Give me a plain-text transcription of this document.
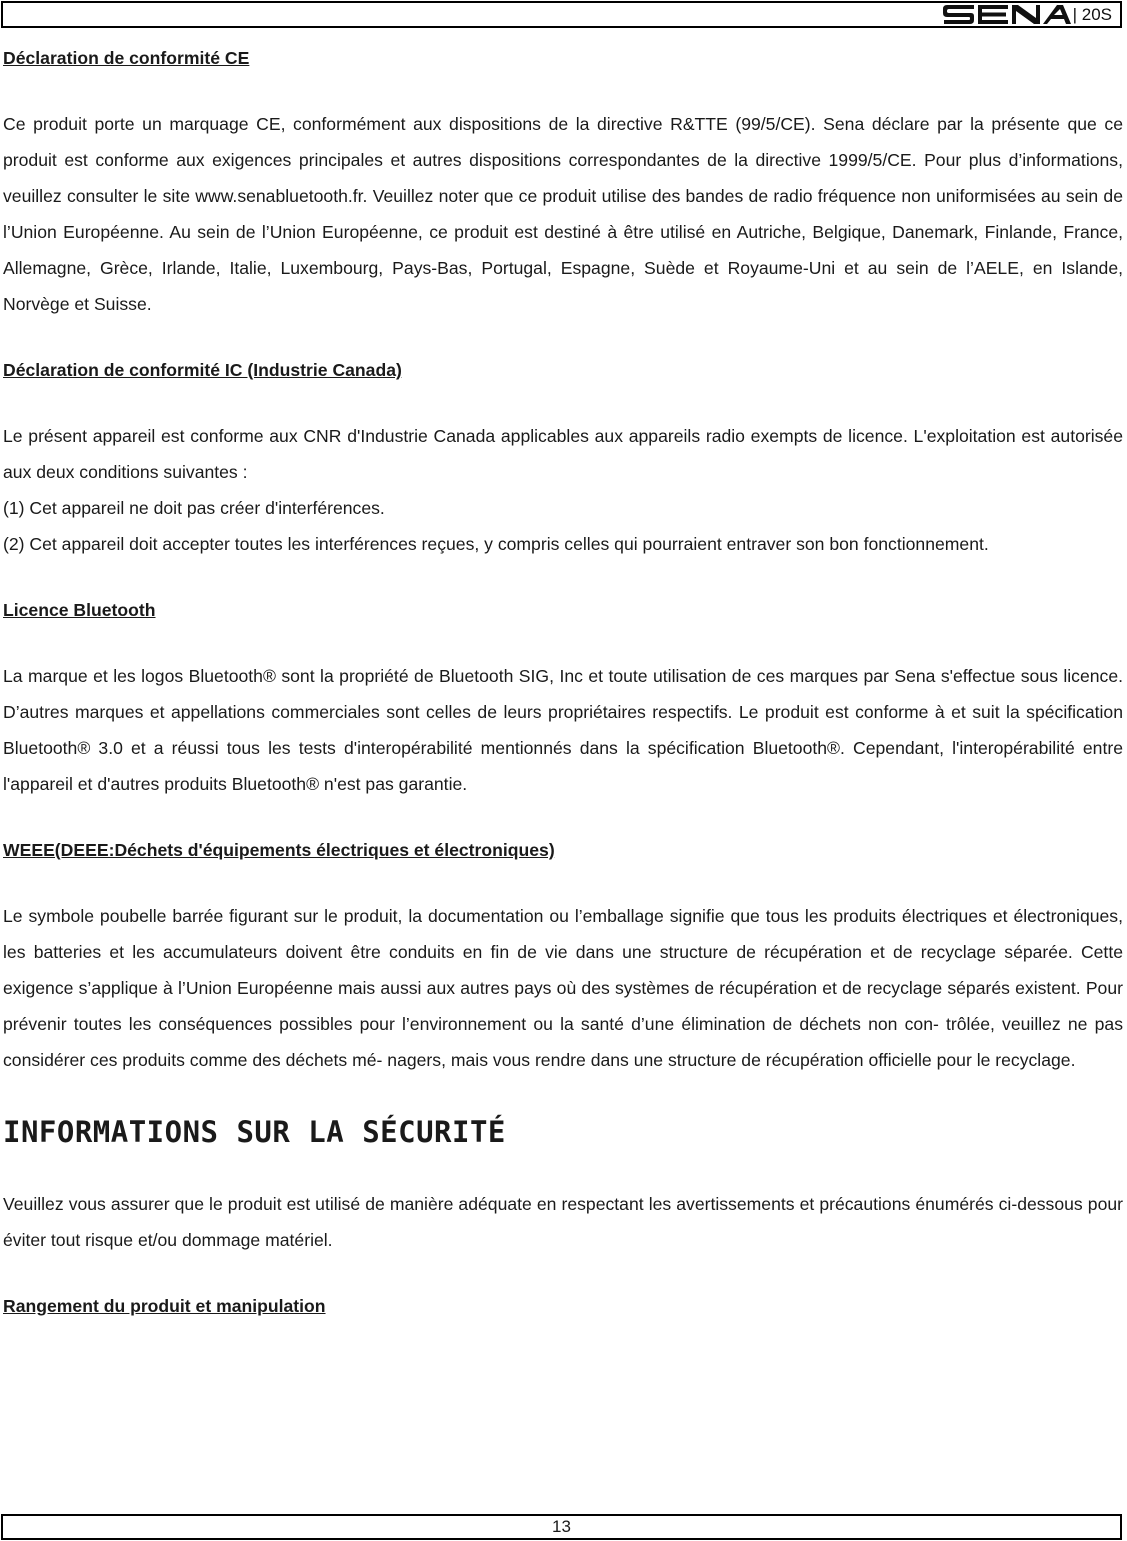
| 20S
Déclaration de conformité CE

Ce produit porte un marquage CE, conformément aux dispositions de la directive R&TTE (99/5/CE). Sena déclare par la présente que ce produit est conforme aux exigences principales et autres dispositions correspondantes de la directive 1999/5/CE. Pour plus d’informations, veuillez consulter le site www.senabluetooth.fr. Veuillez noter que ce produit utilise des bandes de radio fréquence non uniformisées au sein de l’Union Européenne. Au sein de l’Union Européenne, ce produit est destiné à être utilisé en Autriche, Belgique, Danemark, Finlande, France, Allemagne, Grèce, Irlande, Italie, Luxembourg, Pays-Bas, Portugal, Espagne, Suède et Royaume-Uni et au sein de l’AELE, en Islande, Norvège et Suisse.

Déclaration de conformité IC (Industrie Canada)

Le présent appareil est conforme aux CNR d'Industrie Canada applicables aux appareils radio exempts de licence. L'exploitation est autorisée aux deux conditions suivantes :

(1) Cet appareil ne doit pas créer d'interférences.

(2) Cet appareil doit accepter toutes les interférences reçues, y compris celles qui pourraient entraver son bon fonctionnement.

Licence Bluetooth

La marque et les logos Bluetooth® sont la propriété de Bluetooth SIG, Inc et toute utilisation de ces marques par Sena s'effectue sous licence. D’autres marques et appellations commerciales sont celles de leurs propriétaires respectifs. Le produit est conforme à et suit la spécification Bluetooth® 3.0 et a réussi tous les tests d'interopérabilité mentionnés dans la spécification Bluetooth®. Cependant, l'interopérabilité entre l'appareil et d'autres produits Bluetooth® n'est pas garantie.

WEEE(DEEE:Déchets d'équipements électriques et électroniques)

Le symbole poubelle barrée figurant sur le produit, la documentation ou l’emballage signifie que tous les produits électriques et électroniques, les batteries et les accumulateurs doivent être conduits en fin de vie dans une structure de récupération et de recyclage séparée. Cette exigence s’applique à l’Union Européenne mais aussi aux autres pays où des systèmes de récupération et de recyclage séparés existent. Pour prévenir toutes les conséquences possibles pour l’environnement ou la santé d’une élimination de déchets non con- trôlée, veuillez ne pas considérer ces produits comme des déchets mé- nagers, mais vous rendre dans une structure de récupération officielle pour le recyclage.

INFORMATIONS SUR LA SÉCURITÉ

Veuillez vous assurer que le produit est utilisé de manière adéquate en respectant les avertissements et précautions énumérés ci-dessous pour éviter tout risque et/ou dommage matériel.

Rangement du produit et manipulation
13
